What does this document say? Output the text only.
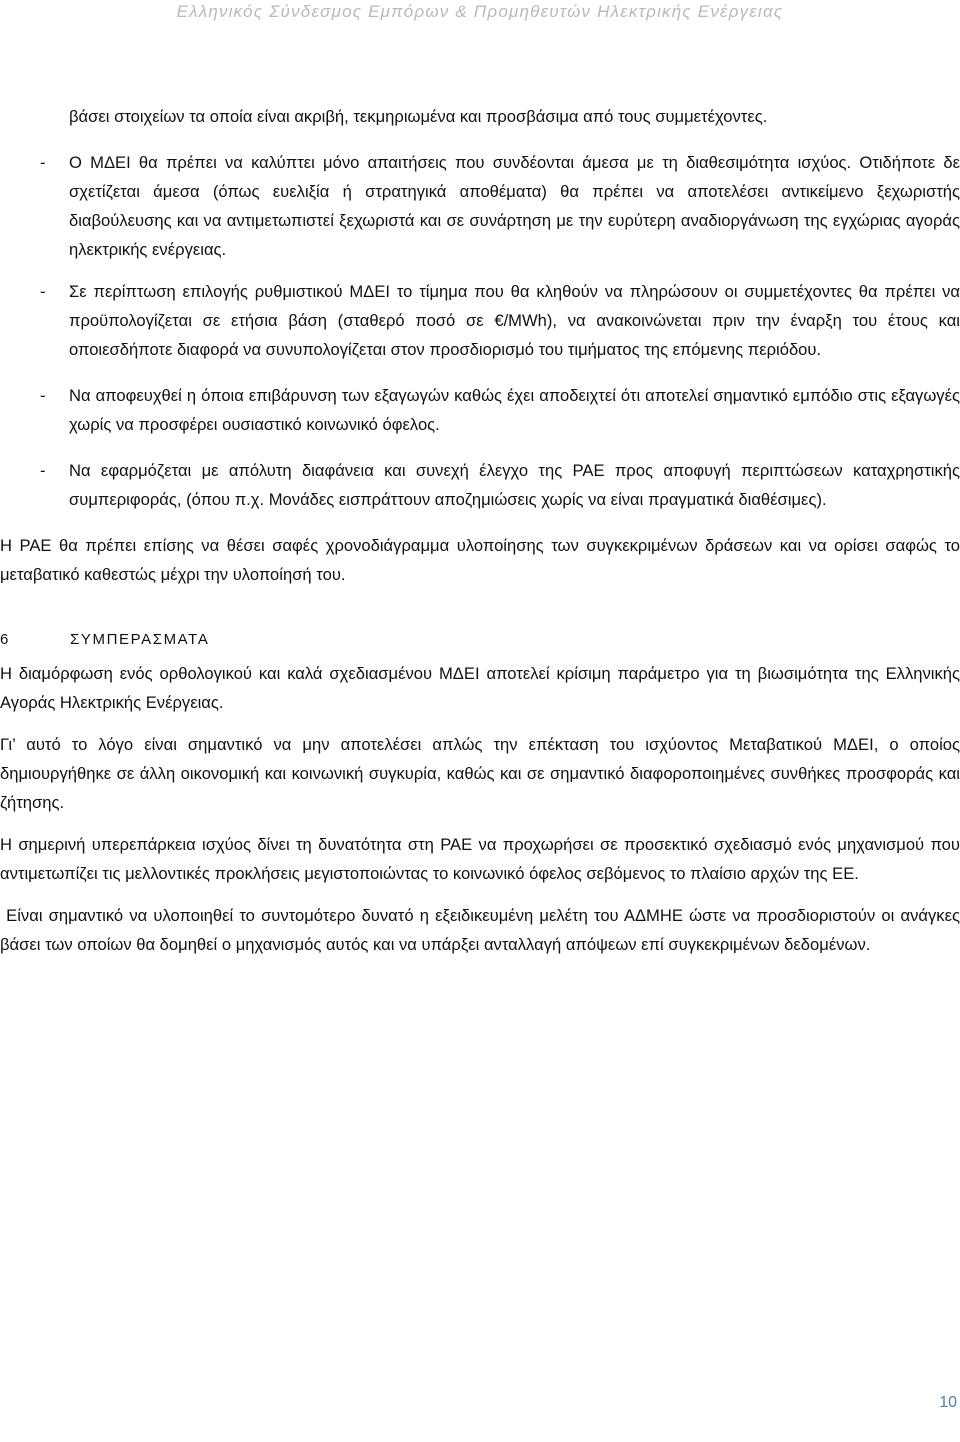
Ελληνικός Σύνδεσμος Εμπόρων & Προμηθευτών Ηλεκτρικής Ενέργειας

βάσει στοιχείων τα οποία είναι ακριβή, τεκμηριωμένα και προσβάσιμα από τους συμμετέχοντες.

- Ο ΜΔΕΙ θα πρέπει να καλύπτει μόνο απαιτήσεις που συνδέονται άμεσα με τη διαθεσιμότητα ισχύος. Οτιδήποτε δε σχετίζεται άμεσα (όπως ευελιξία ή στρατηγικά αποθέματα) θα πρέπει να αποτελέσει αντικείμενο ξεχωριστής διαβούλευσης και να αντιμετωπιστεί ξεχωριστά και σε συνάρτηση με την ευρύτερη αναδιοργάνωση της εγχώριας αγοράς ηλεκτρικής ενέργειας.

- Σε περίπτωση επιλογής ρυθμιστικού ΜΔΕΙ το τίμημα που θα κληθούν να πληρώσουν οι συμμετέχοντες θα πρέπει να προϋπολογίζεται σε ετήσια βάση (σταθερό ποσό σε €/MWh), να ανακοινώνεται πριν την έναρξη του έτους και οποιεσδήποτε διαφορά να συνυπολογίζεται στον προσδιορισμό του τιμήματος της επόμενης περιόδου.

- Να αποφευχθεί η όποια επιβάρυνση των εξαγωγών καθώς έχει αποδειχτεί ότι αποτελεί σημαντικό εμπόδιο στις εξαγωγές χωρίς να προσφέρει ουσιαστικό κοινωνικό όφελος.

- Να εφαρμόζεται με απόλυτη διαφάνεια και συνεχή έλεγχο της ΡΑΕ προς αποφυγή περιπτώσεων καταχρηστικής συμπεριφοράς, (όπου π.χ. Μονάδες εισπράττουν αποζημιώσεις χωρίς να είναι πραγματικά διαθέσιμες).

Η ΡΑΕ θα πρέπει επίσης να θέσει σαφές χρονοδιάγραμμα υλοποίησης των συγκεκριμένων δράσεων και να ορίσει σαφώς το μεταβατικό καθεστώς μέχρι την υλοποίησή του.

6	ΣΥΜΠΕΡΑΣΜΑΤΑ

Η διαμόρφωση ενός ορθολογικού και καλά σχεδιασμένου ΜΔΕΙ αποτελεί κρίσιμη παράμετρο για τη βιωσιμότητα της Ελληνικής Αγοράς Ηλεκτρικής Ενέργειας.

Γι’ αυτό το λόγο είναι σημαντικό να μην αποτελέσει απλώς την επέκταση του ισχύοντος Μεταβατικού ΜΔΕΙ, ο οποίος δημιουργήθηκε σε άλλη οικονομική και κοινωνική συγκυρία, καθώς και σε σημαντικό διαφοροποιημένες συνθήκες προσφοράς και ζήτησης.

Η σημερινή υπερεπάρκεια ισχύος δίνει τη δυνατότητα στη ΡΑΕ να προχωρήσει σε προσεκτικό σχεδιασμό ενός μηχανισμού που αντιμετωπίζει τις μελλοντικές προκλήσεις μεγιστοποιώντας το κοινωνικό όφελος σεβόμενος το πλαίσιο αρχών της ΕΕ.

Είναι σημαντικό να υλοποιηθεί το συντομότερο δυνατό η εξειδικευμένη μελέτη του ΑΔΜΗΕ ώστε να προσδιοριστούν οι ανάγκες βάσει των οποίων θα δομηθεί ο μηχανισμός αυτός και να υπάρξει ανταλλαγή απόψεων επί συγκεκριμένων δεδομένων.

10
